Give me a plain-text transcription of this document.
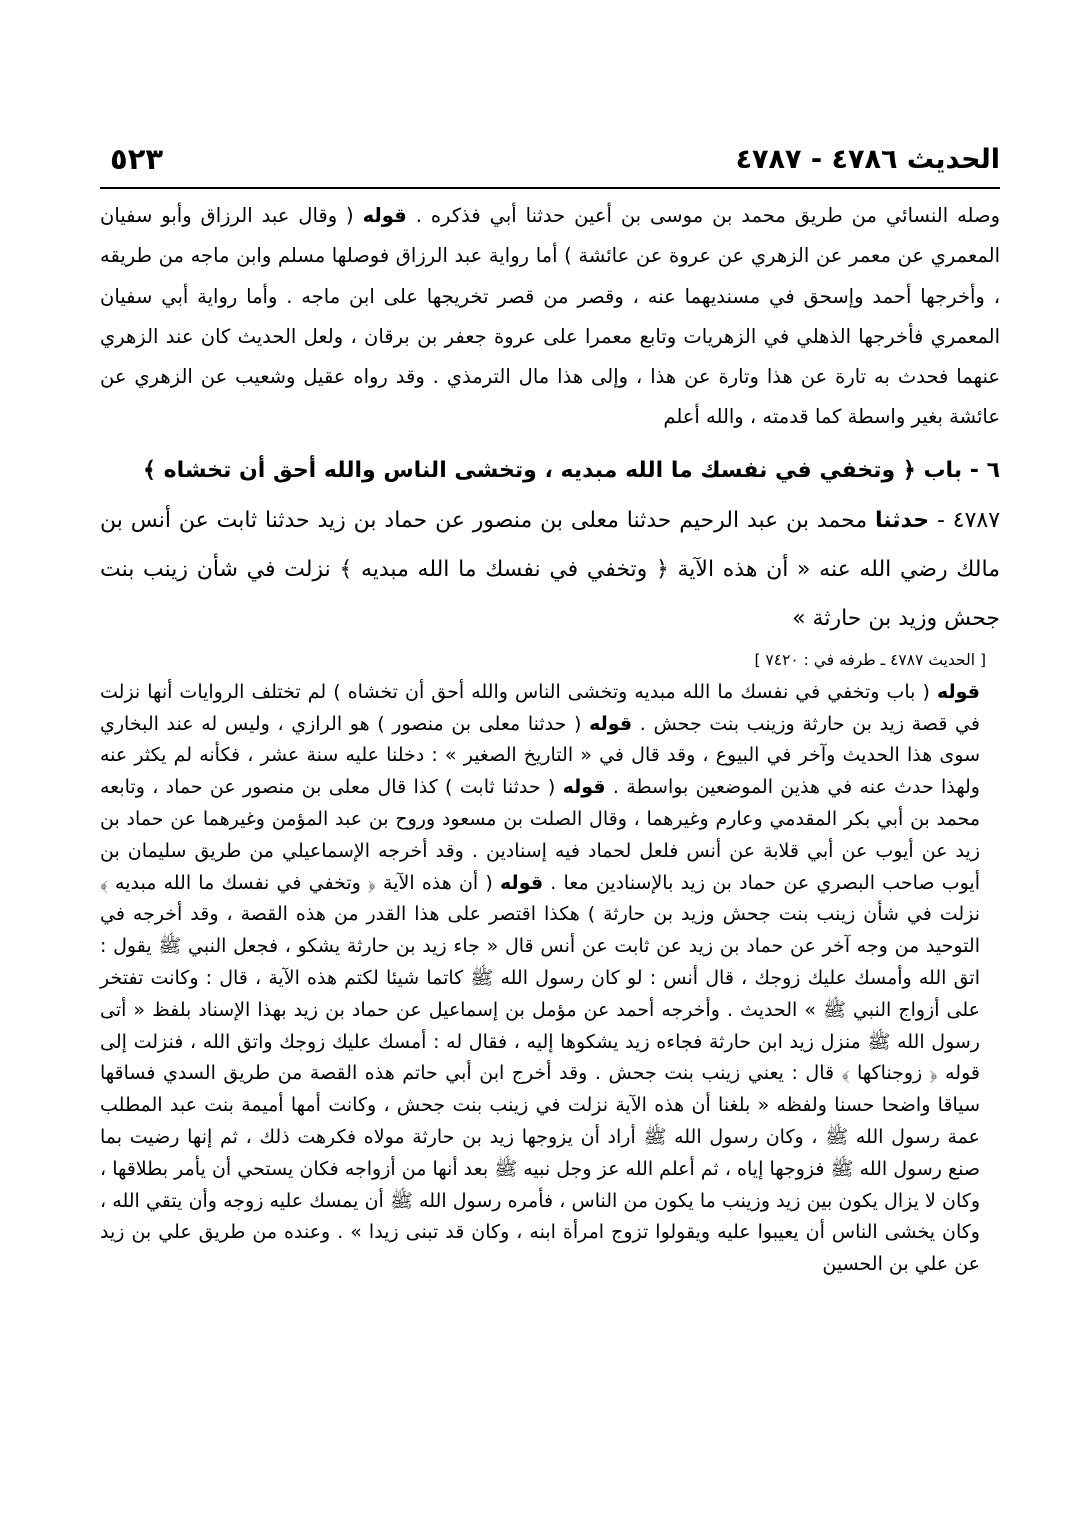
الحديث ٤٧٨٦ - ٤٧٨٧
٥٢٣

وصله النسائي من طريق محمد بن موسى بن أعين حدثنا أبي فذكره . قوله ( وقال عبد الرزاق وأبو سفيان المعمري عن معمر عن الزهري عن عروة عن عائشة ) أما رواية عبد الرزاق فوصلها مسلم وابن ماجه من طريقه ، وأخرجها أحمد وإسحق في مسنديهما عنه ، وقصر من قصر تخريجها على ابن ماجه . وأما رواية أبي سفيان المعمري فأخرجها الذهلي في الزهريات وتابع معمرا على عروة جعفر بن برقان ، ولعل الحديث كان عند الزهري عنهما فحدث به تارة عن هذا وتارة عن هذا ، وإلى هذا مال الترمذي . وقد رواه عقيل وشعيب عن الزهري عن عائشة بغير واسطة كما قدمته ، والله أعلم

٦ - باب ﴿ وتخفي في نفسك ما الله مبديه ، وتخشى الناس والله أحق أن تخشاه ﴾

٤٧٨٧ - حدثنا محمد بن عبد الرحيم حدثنا معلى بن منصور عن حماد بن زيد حدثنا ثابت عن أنس بن مالك رضي الله عنه « أن هذه الآية ﴿ وتخفي في نفسك ما الله مبديه ﴾ نزلت في شأن زينب بنت جحش وزيد بن حارثة »

[ الحديث ٤٧٨٧ ـ طرفه في : ٧٤٢٠ ]

قوله ( باب وتخفي في نفسك ما الله مبديه وتخشى الناس والله أحق أن تخشاه ) لم تختلف الروايات أنها نزلت في قصة زيد بن حارثة وزينب بنت جحش . قوله ( حدثنا معلى بن منصور ) هو الرازي ، وليس له عند البخاري سوى هذا الحديث وآخر في البيوع ، وقد قال في « التاريخ الصغير » : دخلنا عليه سنة عشر ، فكأنه لم يكثر عنه ولهذا حدث عنه في هذين الموضعين بواسطة . قوله ( حدثنا ثابت ) كذا قال معلى بن منصور عن حماد ، وتابعه محمد بن أبي بكر المقدمي وعارم وغيرهما ، وقال الصلت بن مسعود وروح بن عبد المؤمن وغيرهما عن حماد بن زيد عن أيوب عن أبي قلابة عن أنس فلعل لحماد فيه إسنادين . وقد أخرجه الإسماعيلي من طريق سليمان بن أيوب صاحب البصري عن حماد بن زيد بالإسنادين معا . قوله ( أن هذه الآية ﴿ وتخفي في نفسك ما الله مبديه ﴾ نزلت في شأن زينب بنت جحش وزيد بن حارثة ) هكذا اقتصر على هذا القدر من هذه القصة ، وقد أخرجه في التوحيد من وجه آخر عن حماد بن زيد عن ثابت عن أنس قال « جاء زيد بن حارثة يشكو ، فجعل النبي ﷺ يقول : اتق الله وأمسك عليك زوجك ، قال أنس : لو كان رسول الله ﷺ كاتما شيئا لكتم هذه الآية ، قال : وكانت تفتخر على أزواج النبي ﷺ » الحديث . وأخرجه أحمد عن مؤمل بن إسماعيل عن حماد بن زيد بهذا الإسناد بلفظ « أتى رسول الله ﷺ منزل زيد ابن حارثة فجاءه زيد يشكوها إليه ، فقال له : أمسك عليك زوجك واتق الله ، فنزلت إلى قوله ﴿ زوجناكها ﴾ قال : يعني زينب بنت جحش . وقد أخرج ابن أبي حاتم هذه القصة من طريق السدي فساقها سياقا واضحا حسنا ولفظه « بلغنا أن هذه الآية نزلت في زينب بنت جحش ، وكانت أمها أميمة بنت عبد المطلب عمة رسول الله ﷺ ، وكان رسول الله ﷺ أراد أن يزوجها زيد بن حارثة مولاه فكرهت ذلك ، ثم إنها رضيت بما صنع رسول الله ﷺ فزوجها إياه ، ثم أعلم الله عز وجل نبيه ﷺ بعد أنها من أزواجه فكان يستحي أن يأمر بطلاقها ، وكان لا يزال يكون بين زيد وزينب ما يكون من الناس ، فأمره رسول الله ﷺ أن يمسك عليه زوجه وأن يتقي الله ، وكان يخشى الناس أن يعيبوا عليه ويقولوا تزوج امرأة ابنه ، وكان قد تبنى زيدا » . وعنده من طريق علي بن زيد عن علي بن الحسين
